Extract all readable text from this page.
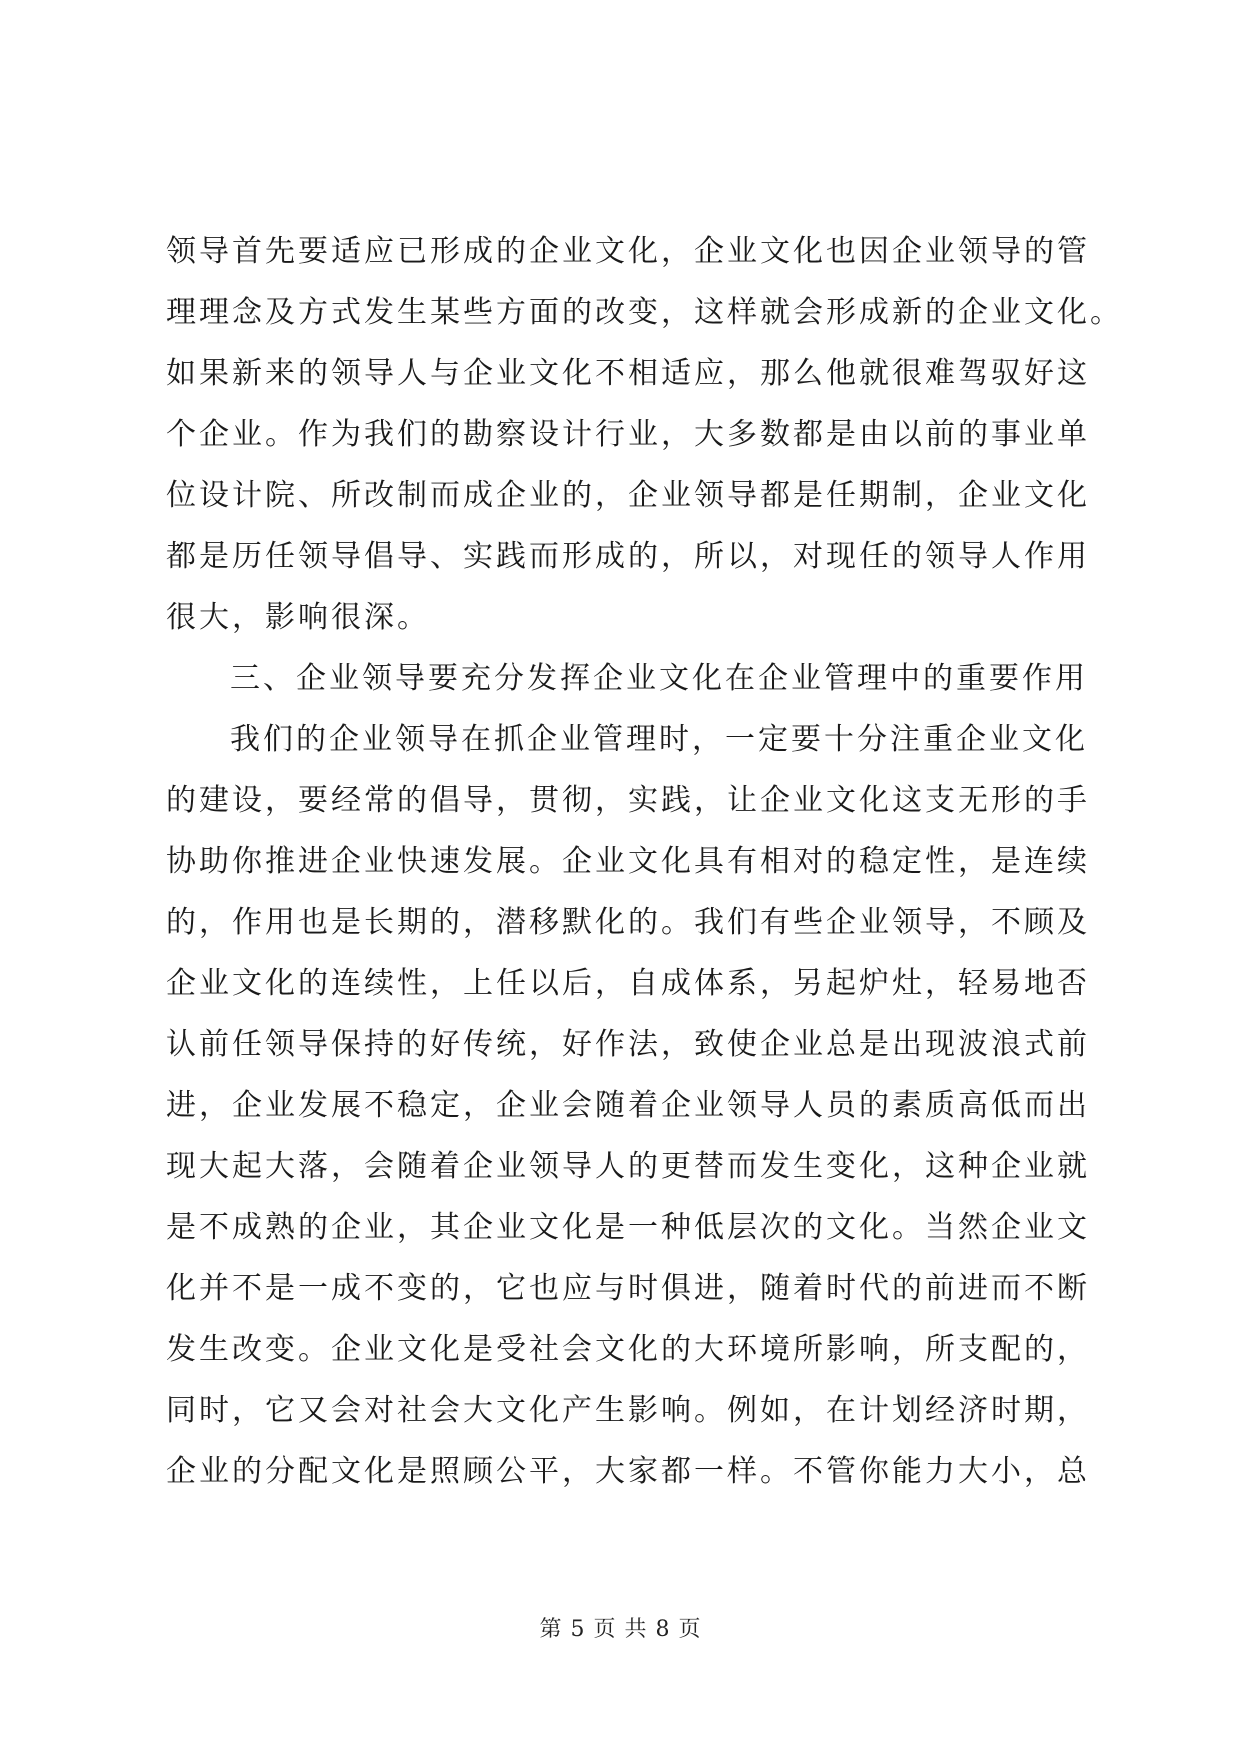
领导首先要适应已形成的企业文化，企业文化也因企业领导的管
理理念及方式发生某些方面的改变，这样就会形成新的企业文化。
如果新来的领导人与企业文化不相适应，那么他就很难驾驭好这
个企业。作为我们的勘察设计行业，大多数都是由以前的事业单
位设计院、所改制而成企业的，企业领导都是任期制，企业文化
都是历任领导倡导、实践而形成的，所以，对现任的领导人作用
很大，影响很深。
三、企业领导要充分发挥企业文化在企业管理中的重要作用
我们的企业领导在抓企业管理时，一定要十分注重企业文化
的建设，要经常的倡导，贯彻，实践，让企业文化这支无形的手
协助你推进企业快速发展。企业文化具有相对的稳定性，是连续
的，作用也是长期的，潜移默化的。我们有些企业领导，不顾及
企业文化的连续性，上任以后，自成体系，另起炉灶，轻易地否
认前任领导保持的好传统，好作法，致使企业总是出现波浪式前
进，企业发展不稳定，企业会随着企业领导人员的素质高低而出
现大起大落，会随着企业领导人的更替而发生变化，这种企业就
是不成熟的企业，其企业文化是一种低层次的文化。当然企业文
化并不是一成不变的，它也应与时俱进，随着时代的前进而不断
发生改变。企业文化是受社会文化的大环境所影响，所支配的，
同时，它又会对社会大文化产生影响。例如，在计划经济时期，
企业的分配文化是照顾公平，大家都一样。不管你能力大小，总
第 5 页 共 8 页
